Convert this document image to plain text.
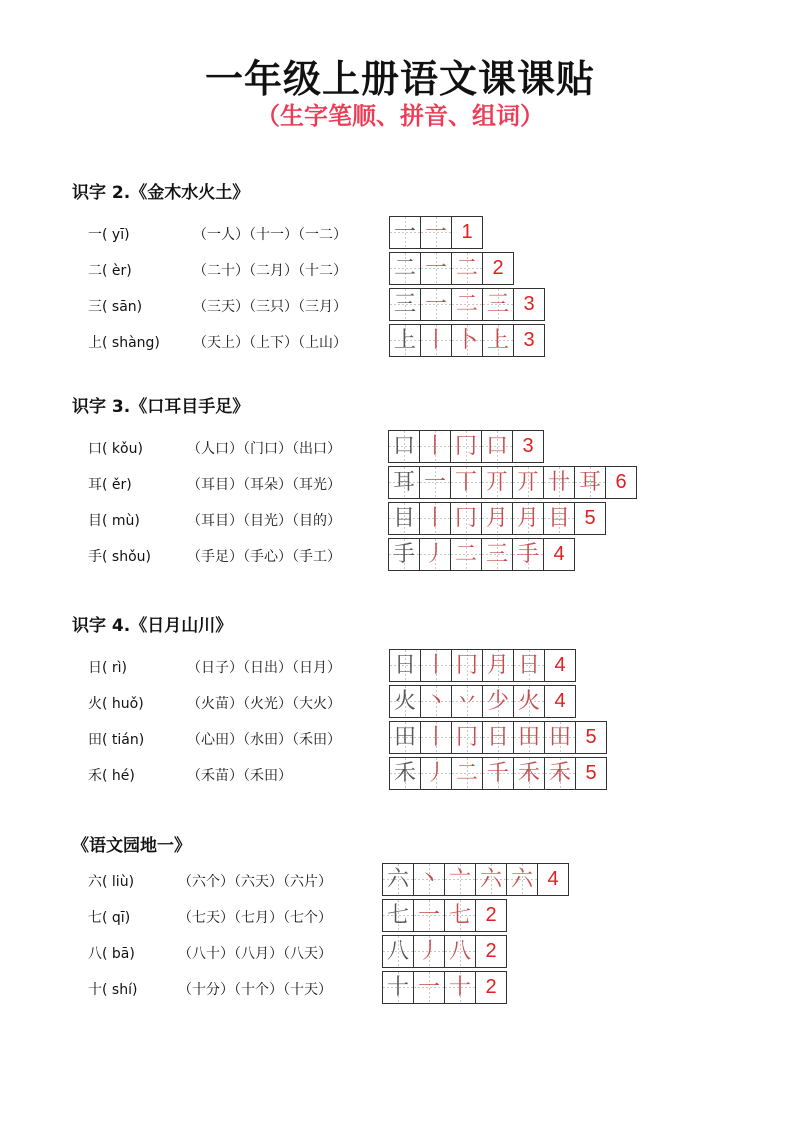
一年级上册语文课课贴
（生字笔顺、拼音、组词）
识字 2.《金木水火土》
一( yī)	（一人）（十一）（一二） 一 一 1
二( èr)	（二十）（二月）（十二） 二 一 二 2
三( sān)	（三天）（三只）（三月） 三 一 二 三 3
上( shàng) （天上）（上下）（上山） 上 丨 卜 上 3
识字 3.《口耳目手足》
口( kǒu)	（人口）（门口）（出口） 口 丨 冂 口 3
耳( ěr)	（耳目）（耳朵）（耳光） 耳 一 丅 丌 丌 卄 耳 6
目( mù)	（耳目）（目光）（目的） 目 丨 冂 月 月 目 5
手( shǒu)	（手足）（手心）（手工） 手 丿 二 三 手 4
识字 4.《日月山川》
日( rì)	（日子）（日出）（日月） 日 丨 冂 月 日 4
火( huǒ)	（火苗）（火光）（大火） 火 丶 丷 少 火 4
田( tián)	（心田）（水田）（禾田） 田 丨 冂 日 田 田 5
禾( hé)	（禾苗）（禾田）	禾 丿 二 千 禾 禾 5
《语文园地一》
六( liù)	（六个）（六天）（六片） 六 丶 亠 六 六 4
七( qī)	（七天）（七月）（七个） 七 一 七 2
八( bā)	（八十）（八月）（八天） 八 丿 八 2
十( shí)	（十分）（十个）（十天） 十 一 十 2
